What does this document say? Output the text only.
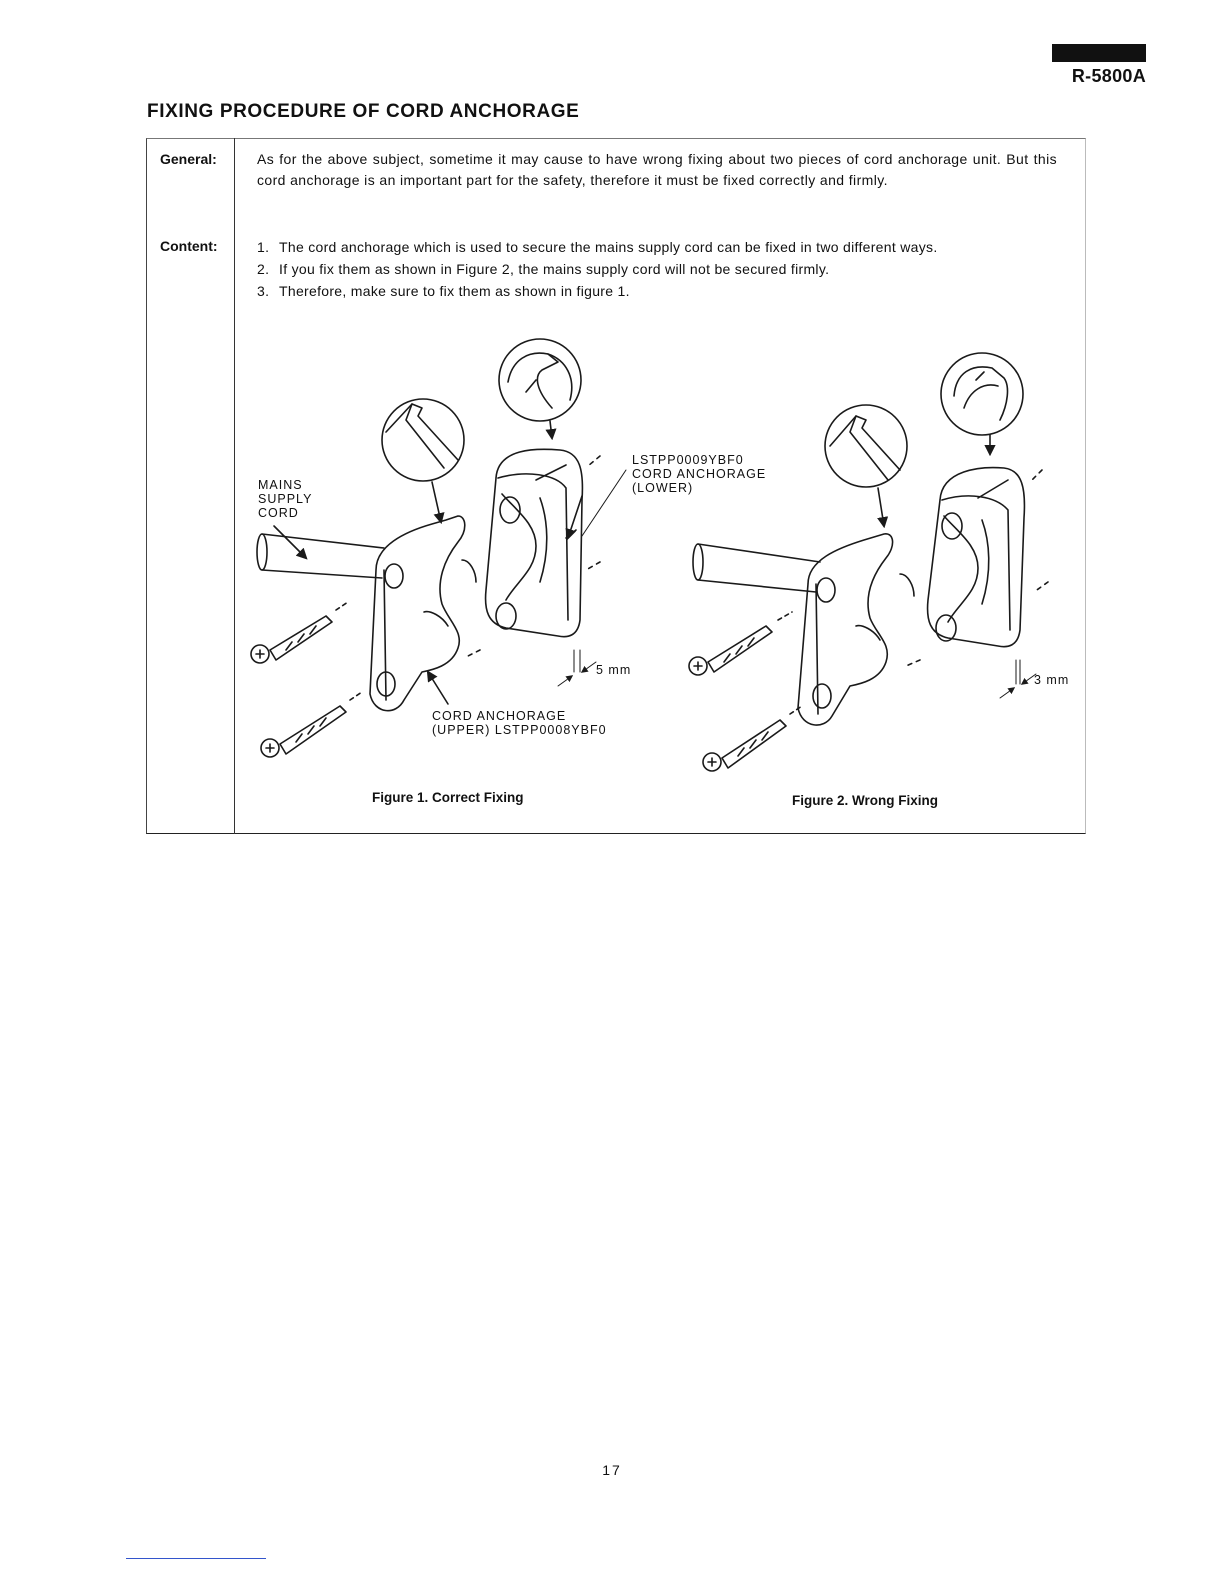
R-5800A
FIXING PROCEDURE OF CORD ANCHORAGE
General:	As for the above subject, sometime it may cause to have wrong fixing about two pieces of cord anchorage unit. But this cord anchorage is an important part for the safety, therefore it must be fixed correctly and firmly.
Content:	1. The cord anchorage which is used to secure the mains supply cord can be fixed in two different ways.
2. If you fix them as shown in Figure 2, the mains supply cord will not be secured firmly.
3. Therefore, make sure to fix them as shown in figure 1.
MAINS
SUPPLY
CORD
LSTPP0009YBF0
CORD ANCHORAGE
(LOWER)
CORD ANCHORAGE
(UPPER) LSTPP0008YBF0
5 mm
3 mm
Figure 1. Correct Fixing	Figure 2. Wrong Fixing
17
